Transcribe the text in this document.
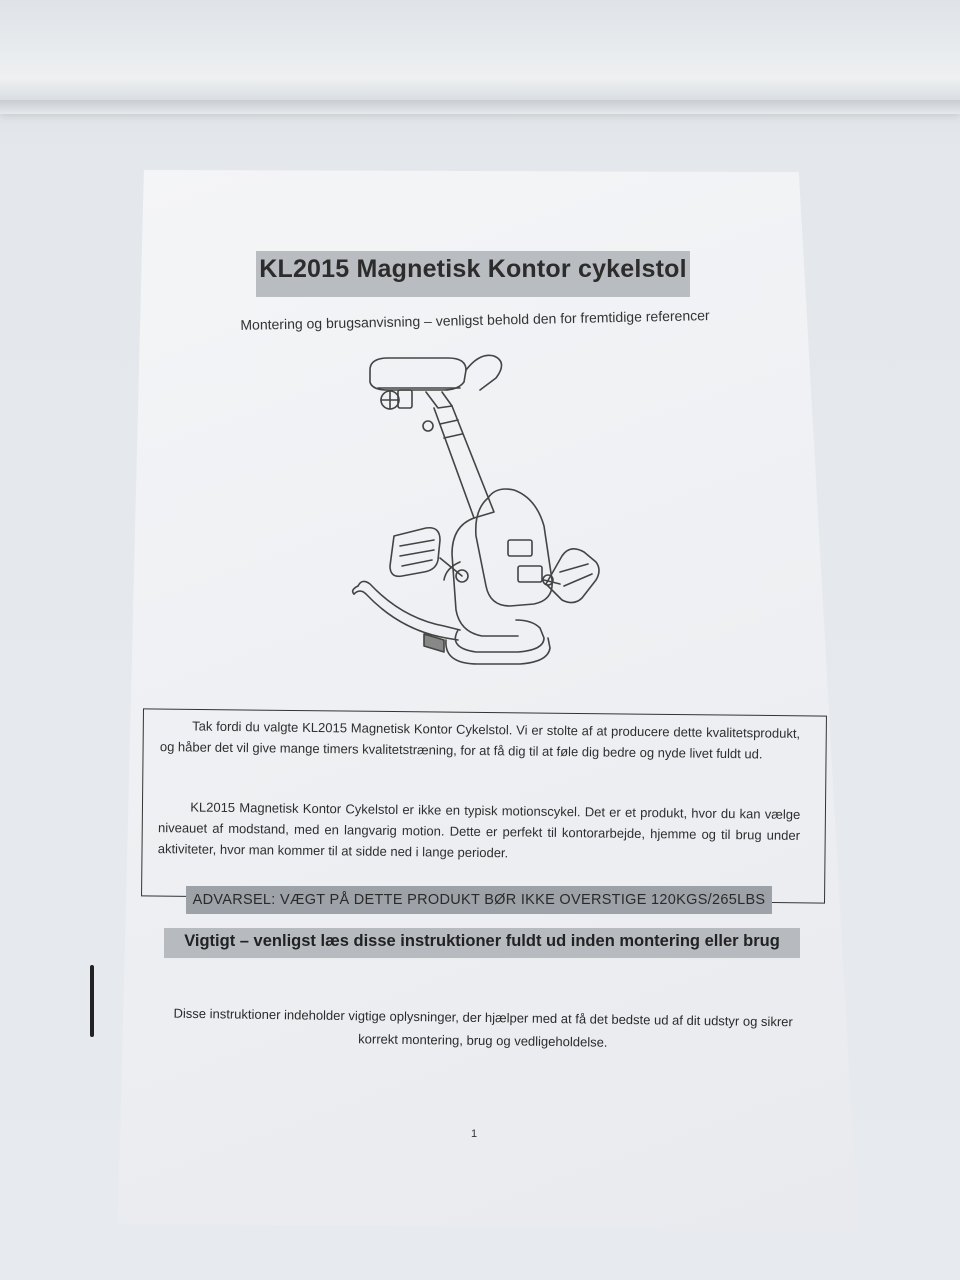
KL2015 Magnetisk Kontor cykelstol
Montering og brugsanvisning – venligst behold den for fremtidige referencer
Tak fordi du valgte KL2015 Magnetisk Kontor Cykelstol. Vi er stolte af at producere dette kvalitetsprodukt, og håber det vil give mange timers kvalitetstræning, for at få dig til at føle dig bedre og nyde livet fuldt ud.
KL2015 Magnetisk Kontor Cykelstol er ikke en typisk motionscykel. Det er et produkt, hvor du kan vælge niveauet af modstand, med en langvarig motion. Dette er perfekt til kontorarbejde, hjemme og til brug under aktiviteter, hvor man kommer til at sidde ned i lange perioder.
ADVARSEL: VÆGT PÅ DETTE PRODUKT BØR IKKE OVERSTIGE 120KGS/265LBS
Vigtigt – venligst læs disse instruktioner fuldt ud inden montering eller brug
Disse instruktioner indeholder vigtige oplysninger, der hjælper med at få det bedste ud af dit udstyr og sikrer korrekt montering, brug og vedligeholdelse.
1
